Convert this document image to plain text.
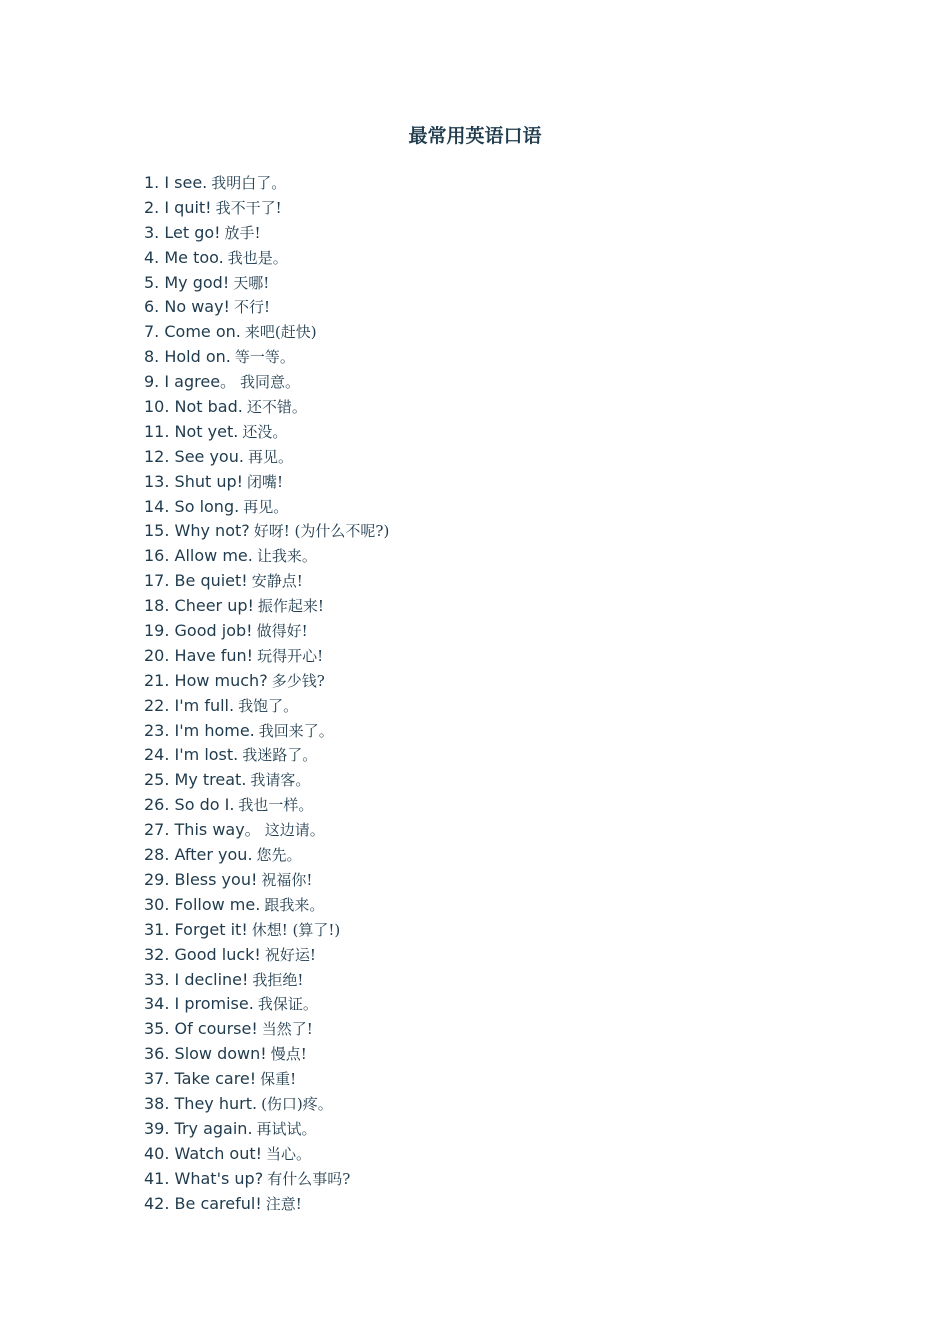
最常用英语口语
1. I see. 我明白了。
2. I quit! 我不干了!
3. Let go! 放手!
4. Me too. 我也是。
5. My god! 天哪!
6. No way! 不行!
7. Come on. 来吧(赶快)
8. Hold on. 等一等。
9. I agree。 我同意。
10. Not bad. 还不错。
11. Not yet. 还没。
12. See you. 再见。
13. Shut up! 闭嘴!
14. So long. 再见。
15. Why not? 好呀! (为什么不呢?)
16. Allow me. 让我来。
17. Be quiet! 安静点!
18. Cheer up! 振作起来!
19. Good job! 做得好!
20. Have fun! 玩得开心!
21. How much? 多少钱?
22. I'm full. 我饱了。
23. I'm home. 我回来了。
24. I'm lost. 我迷路了。
25. My treat. 我请客。
26. So do I. 我也一样。
27. This way。 这边请。
28. After you. 您先。
29. Bless you! 祝福你!
30. Follow me. 跟我来。
31. Forget it! 休想! (算了!)
32. Good luck! 祝好运!
33. I decline! 我拒绝!
34. I promise. 我保证。
35. Of course! 当然了!
36. Slow down! 慢点!
37. Take care! 保重!
38. They hurt. (伤口)疼。
39. Try again. 再试试。
40. Watch out! 当心。
41. What's up? 有什么事吗?
42. Be careful! 注意!
